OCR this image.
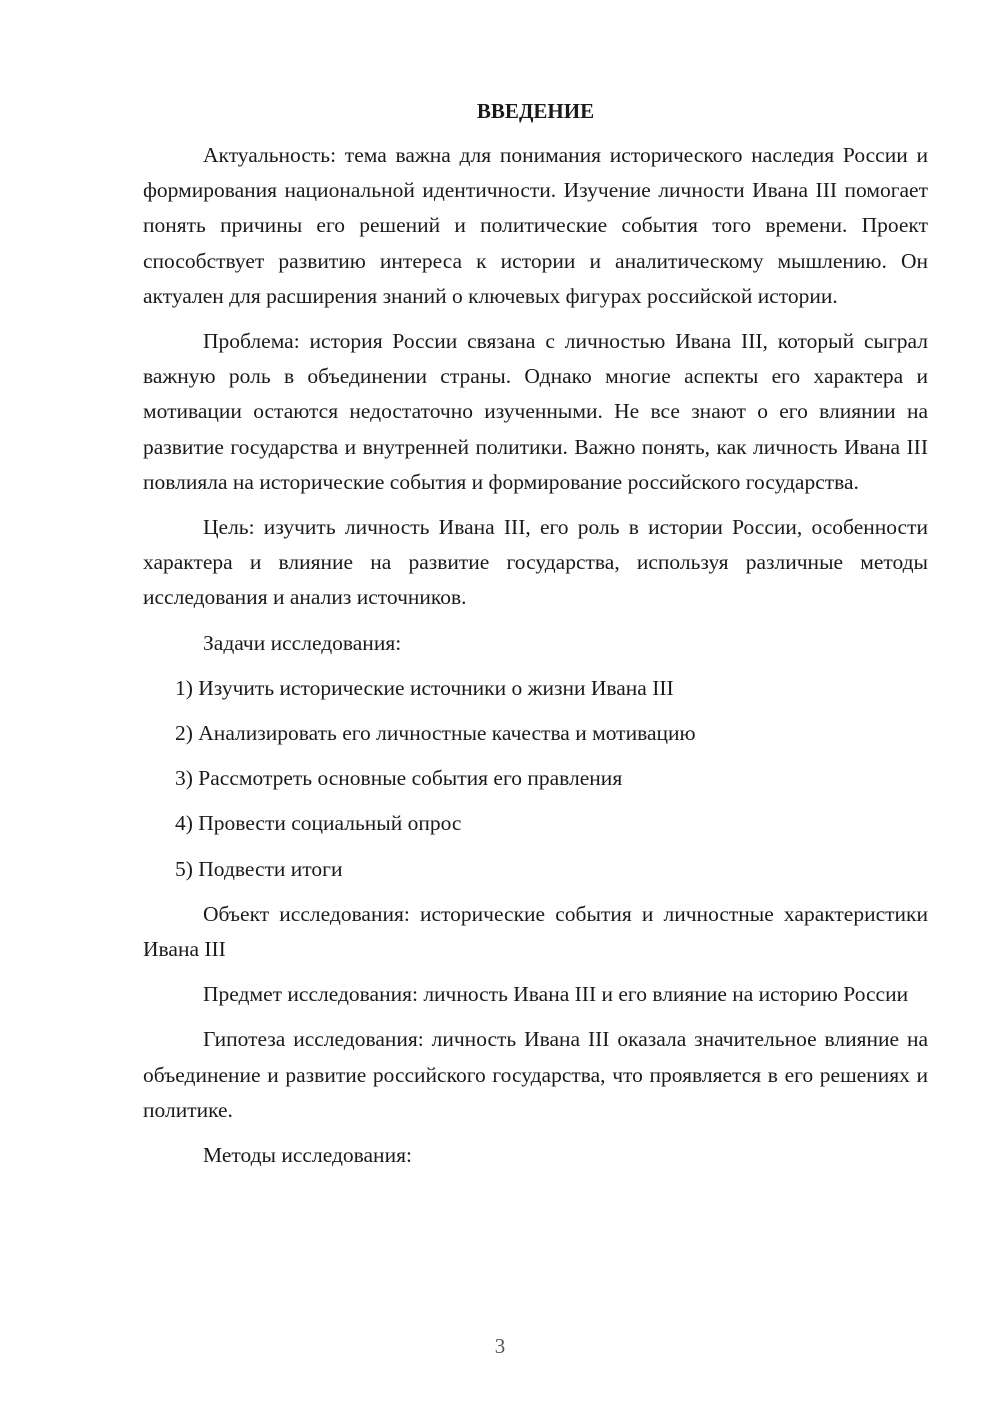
ВВЕДЕНИЕ

Актуальность: тема важна для понимания исторического наследия России и формирования национальной идентичности. Изучение личности Ивана III помогает понять причины его решений и политические события того времени. Проект способствует развитию интереса к истории и аналитическому мышлению. Он актуален для расширения знаний о ключевых фигурах российской истории.

Проблема: история России связана с личностью Ивана III, который сыграл важную роль в объединении страны. Однако многие аспекты его характера и мотивации остаются недостаточно изученными. Не все знают о его влиянии на развитие государства и внутренней политики. Важно понять, как личность Ивана III повлияла на исторические события и формирование российского государства.

Цель: изучить личность Ивана III, его роль в истории России, особенности характера и влияние на развитие государства, используя различные методы исследования и анализ источников.

Задачи исследования:

1) Изучить исторические источники о жизни Ивана III
2) Анализировать его личностные качества и мотивацию
3) Рассмотреть основные события его правления
4) Провести социальный опрос
5) Подвести итоги

Объект исследования: исторические события и личностные характеристики Ивана III

Предмет исследования: личность Ивана III и его влияние на историю России

Гипотеза исследования: личность Ивана III оказала значительное влияние на объединение и развитие российского государства, что проявляется в его решениях и политике.

Методы исследования:

3
